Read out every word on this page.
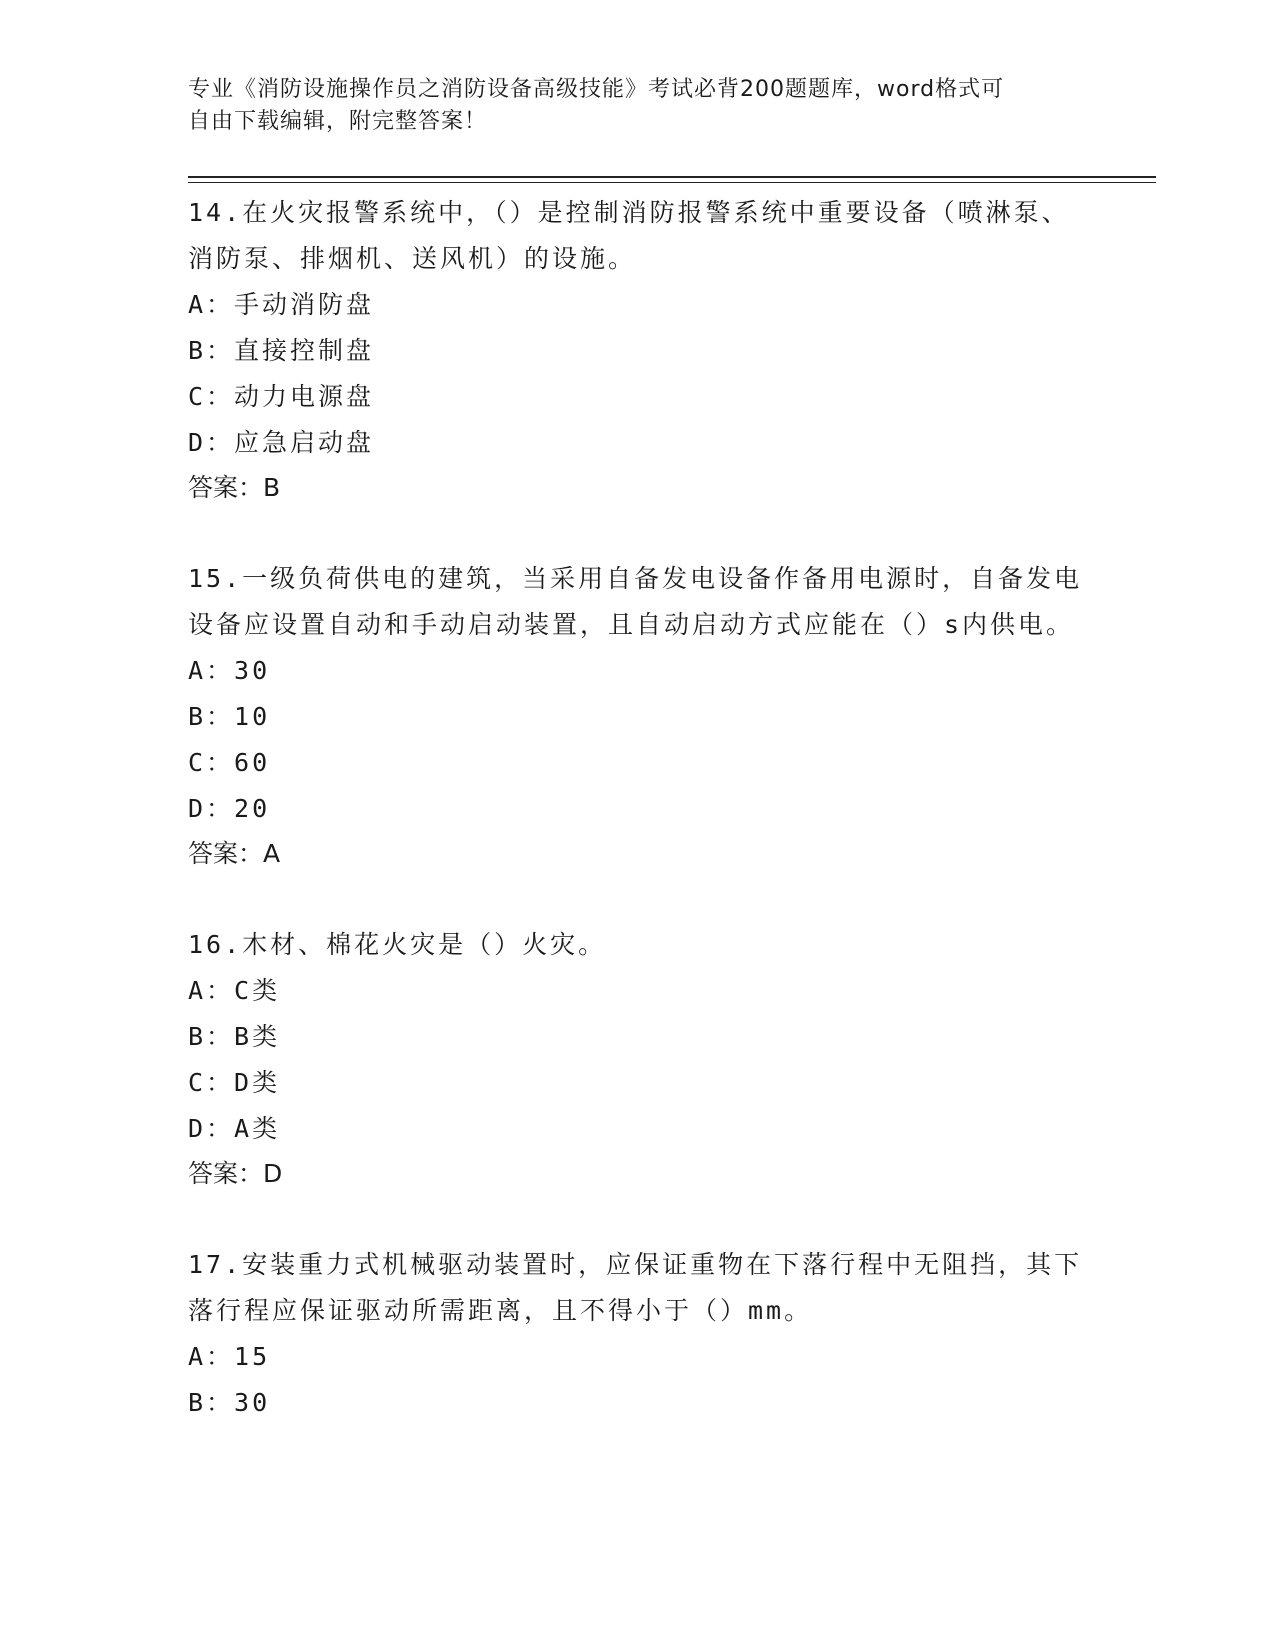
专业《消防设施操作员之消防设备高级技能》考试必背200题题库，word格式可
自由下载编辑，附完整答案！

14.在火灾报警系统中，（）是控制消防报警系统中重要设备（喷淋泵、消防泵、排烟机、送风机）的设施。

A：手动消防盘

B：直接控制盘

C：动力电源盘

D：应急启动盘

答案：B

15.一级负荷供电的建筑，当采用自备发电设备作备用电源时，自备发电设备应设置自动和手动启动装置，且自动启动方式应能在（）s内供电。

A：30

B：10

C：60

D：20

答案：A

16.木材、棉花火灾是（）火灾。

A：C类

B：B类

C：D类

D：A类

答案：D

17.安装重力式机械驱动装置时，应保证重物在下落行程中无阻挡，其下落行程应保证驱动所需距离，且不得小于（）mm。

A：15

B：30
